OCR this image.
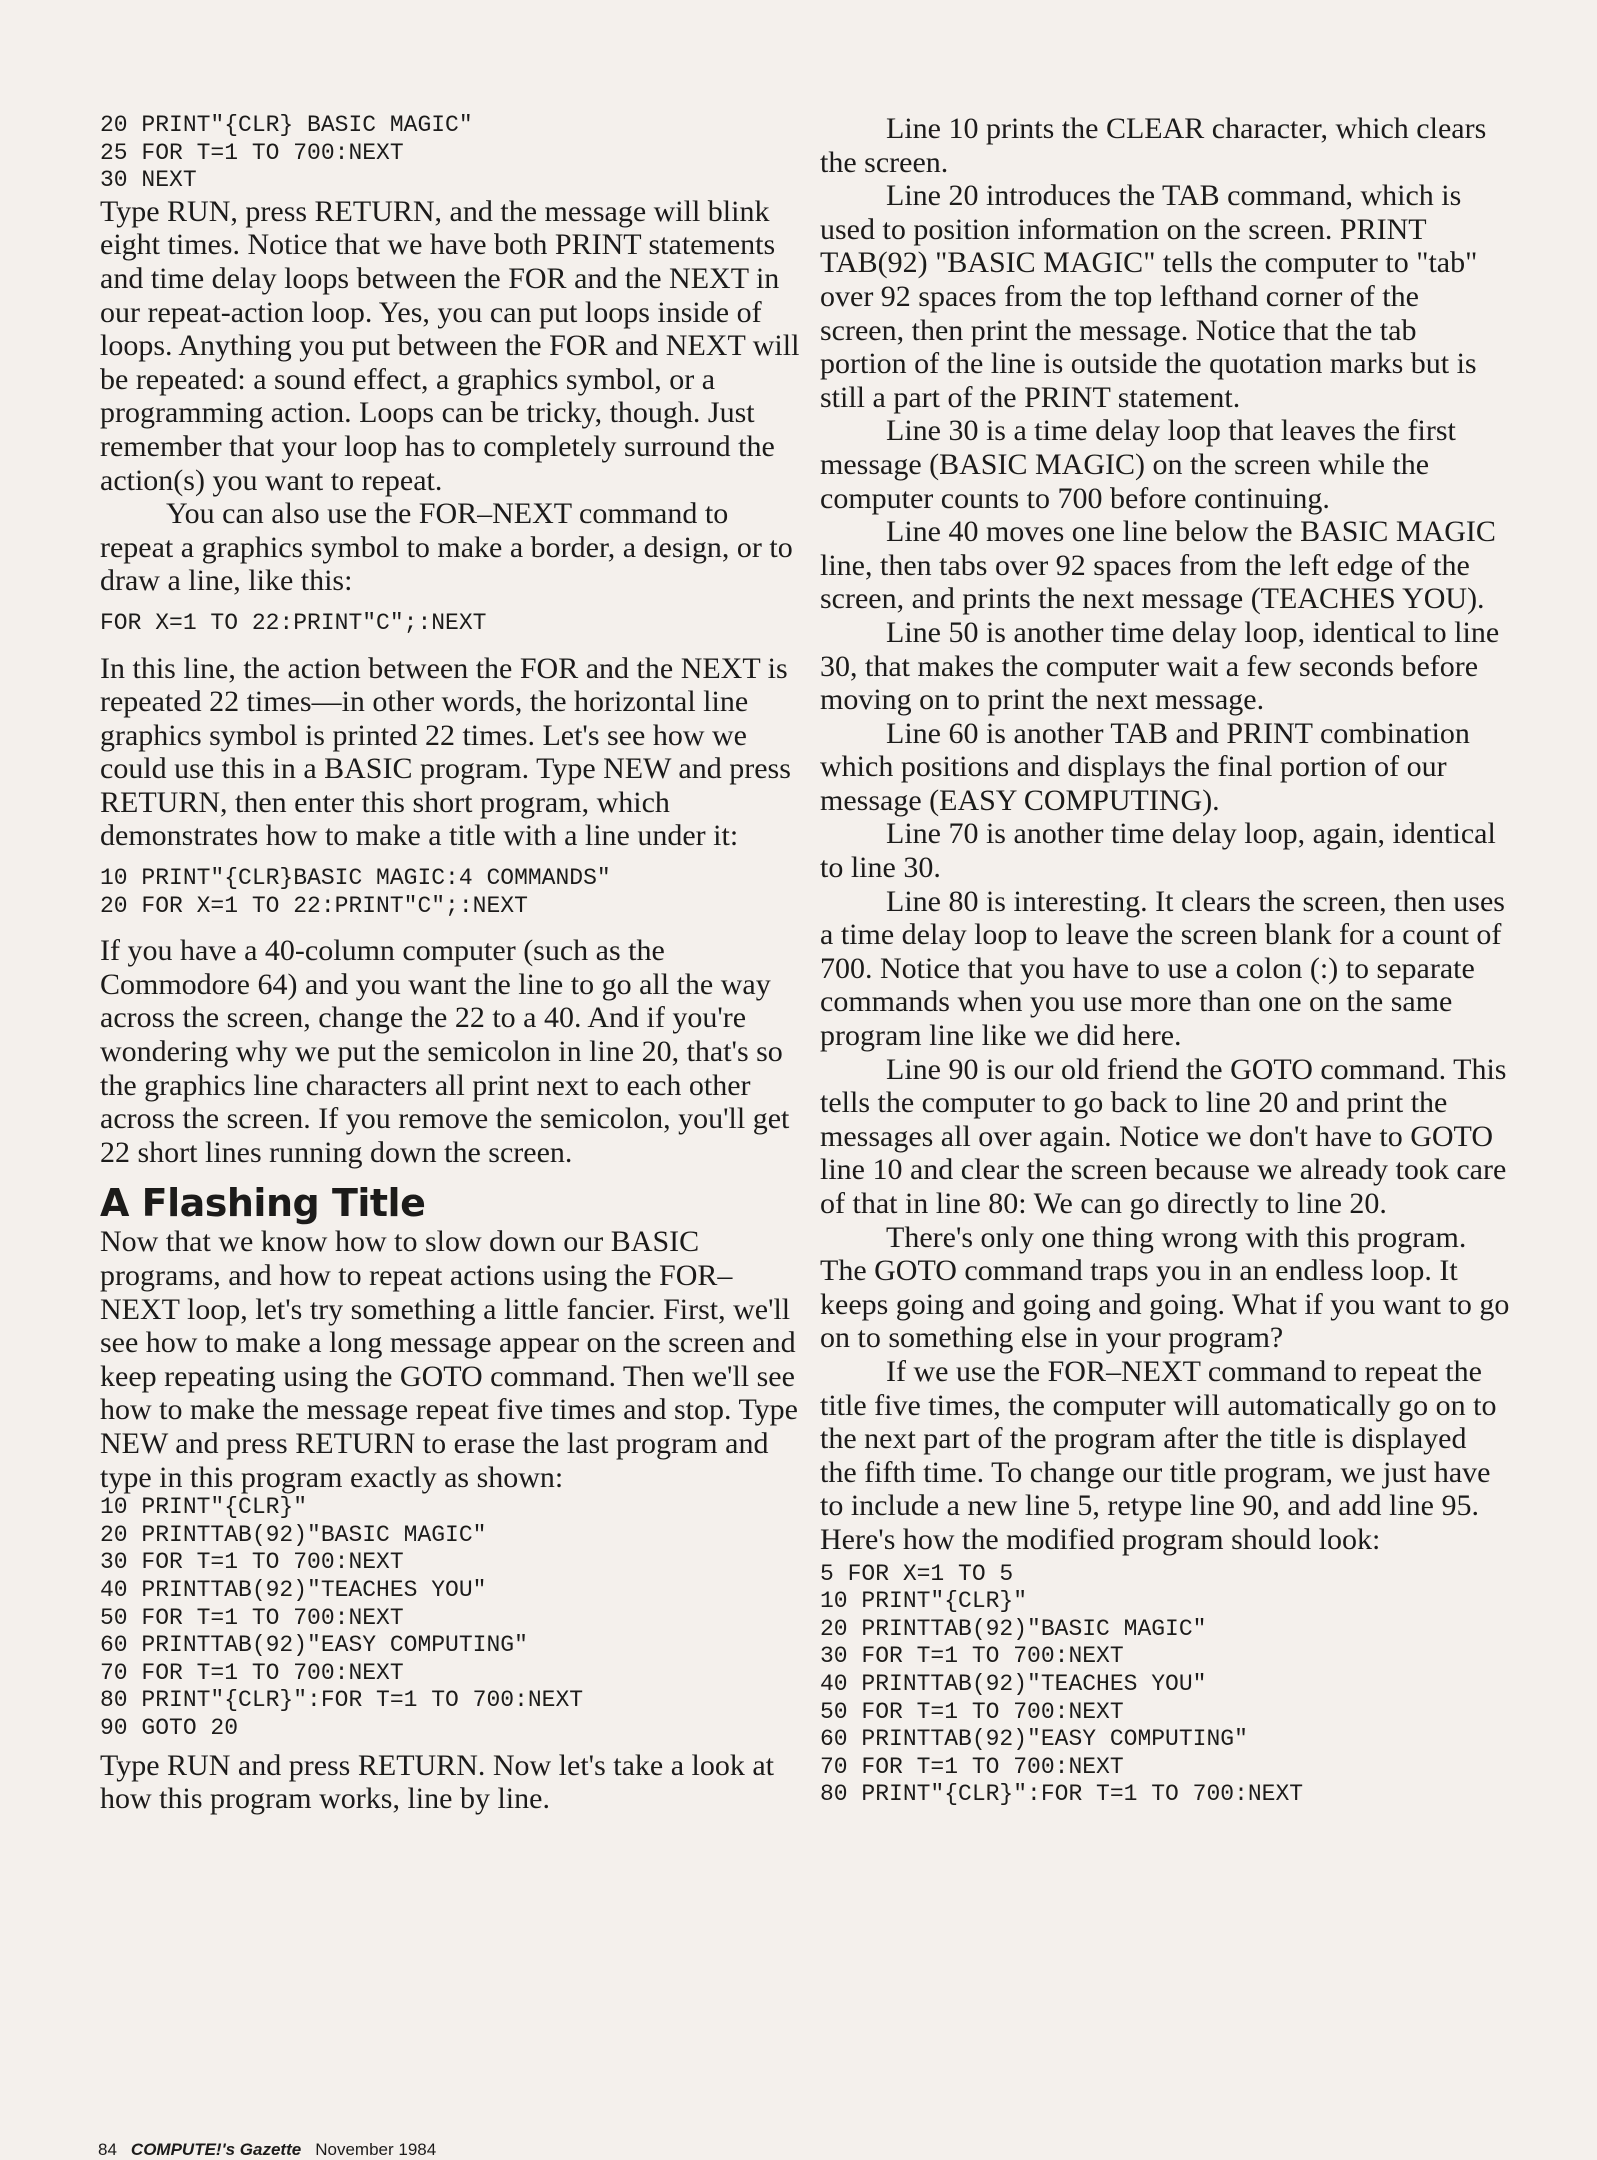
20 PRINT"{CLR} BASIC MAGIC"
25 FOR T=1 TO 700:NEXT
30 NEXT

Type RUN, press RETURN, and the message will blink eight times. Notice that we have both PRINT statements and time delay loops between the FOR and the NEXT in our repeat-action loop. Yes, you can put loops inside of loops. Anything you put between the FOR and NEXT will be repeated: a sound effect, a graphics symbol, or a programming action. Loops can be tricky, though. Just remember that your loop has to completely surround the action(s) you want to repeat.

You can also use the FOR–NEXT command to repeat a graphics symbol to make a border, a design, or to draw a line, like this:

FOR X=1 TO 22:PRINT"C";:NEXT

In this line, the action between the FOR and the NEXT is repeated 22 times—in other words, the horizontal line graphics symbol is printed 22 times. Let's see how we could use this in a BASIC program. Type NEW and press RETURN, then enter this short program, which demonstrates how to make a title with a line under it:

10 PRINT"{CLR}BASIC MAGIC:4 COMMANDS"
20 FOR X=1 TO 22:PRINT"C";:NEXT

If you have a 40-column computer (such as the Commodore 64) and you want the line to go all the way across the screen, change the 22 to a 40. And if you're wondering why we put the semicolon in line 20, that's so the graphics line characters all print next to each other across the screen. If you remove the semicolon, you'll get 22 short lines running down the screen.

A Flashing Title

Now that we know how to slow down our BASIC programs, and how to repeat actions using the FOR–NEXT loop, let's try something a little fancier. First, we'll see how to make a long message appear on the screen and keep repeating using the GOTO command. Then we'll see how to make the message repeat five times and stop. Type NEW and press RETURN to erase the last program and type in this program exactly as shown:

10 PRINT"{CLR}"
20 PRINTTAB(92)"BASIC MAGIC"
30 FOR T=1 TO 700:NEXT
40 PRINTTAB(92)"TEACHES YOU"
50 FOR T=1 TO 700:NEXT
60 PRINTTAB(92)"EASY COMPUTING"
70 FOR T=1 TO 700:NEXT
80 PRINT"{CLR}":FOR T=1 TO 700:NEXT
90 GOTO 20

Type RUN and press RETURN. Now let's take a look at how this program works, line by line.

Line 10 prints the CLEAR character, which clears the screen.

Line 20 introduces the TAB command, which is used to position information on the screen. PRINT TAB(92) "BASIC MAGIC" tells the computer to "tab" over 92 spaces from the top lefthand corner of the screen, then print the message. Notice that the tab portion of the line is outside the quotation marks but is still a part of the PRINT statement.

Line 30 is a time delay loop that leaves the first message (BASIC MAGIC) on the screen while the computer counts to 700 before continuing.

Line 40 moves one line below the BASIC MAGIC line, then tabs over 92 spaces from the left edge of the screen, and prints the next message (TEACHES YOU).

Line 50 is another time delay loop, identical to line 30, that makes the computer wait a few seconds before moving on to print the next message.

Line 60 is another TAB and PRINT combination which positions and displays the final portion of our message (EASY COMPUTING).

Line 70 is another time delay loop, again, identical to line 30.

Line 80 is interesting. It clears the screen, then uses a time delay loop to leave the screen blank for a count of 700. Notice that you have to use a colon (:) to separate commands when you use more than one on the same program line like we did here.

Line 90 is our old friend the GOTO command. This tells the computer to go back to line 20 and print the messages all over again. Notice we don't have to GOTO line 10 and clear the screen because we already took care of that in line 80: We can go directly to line 20.

There's only one thing wrong with this program. The GOTO command traps you in an endless loop. It keeps going and going and going. What if you want to go on to something else in your program?

If we use the FOR–NEXT command to repeat the title five times, the computer will automatically go on to the next part of the program after the title is displayed the fifth time. To change our title program, we just have to include a new line 5, retype line 90, and add line 95. Here's how the modified program should look:

5 FOR X=1 TO 5
10 PRINT"{CLR}"
20 PRINTTAB(92)"BASIC MAGIC"
30 FOR T=1 TO 700:NEXT
40 PRINTTAB(92)"TEACHES YOU"
50 FOR T=1 TO 700:NEXT
60 PRINTTAB(92)"EASY COMPUTING"
70 FOR T=1 TO 700:NEXT
80 PRINT"{CLR}":FOR T=1 TO 700:NEXT
84 COMPUTE!'s Gazette November 1984
